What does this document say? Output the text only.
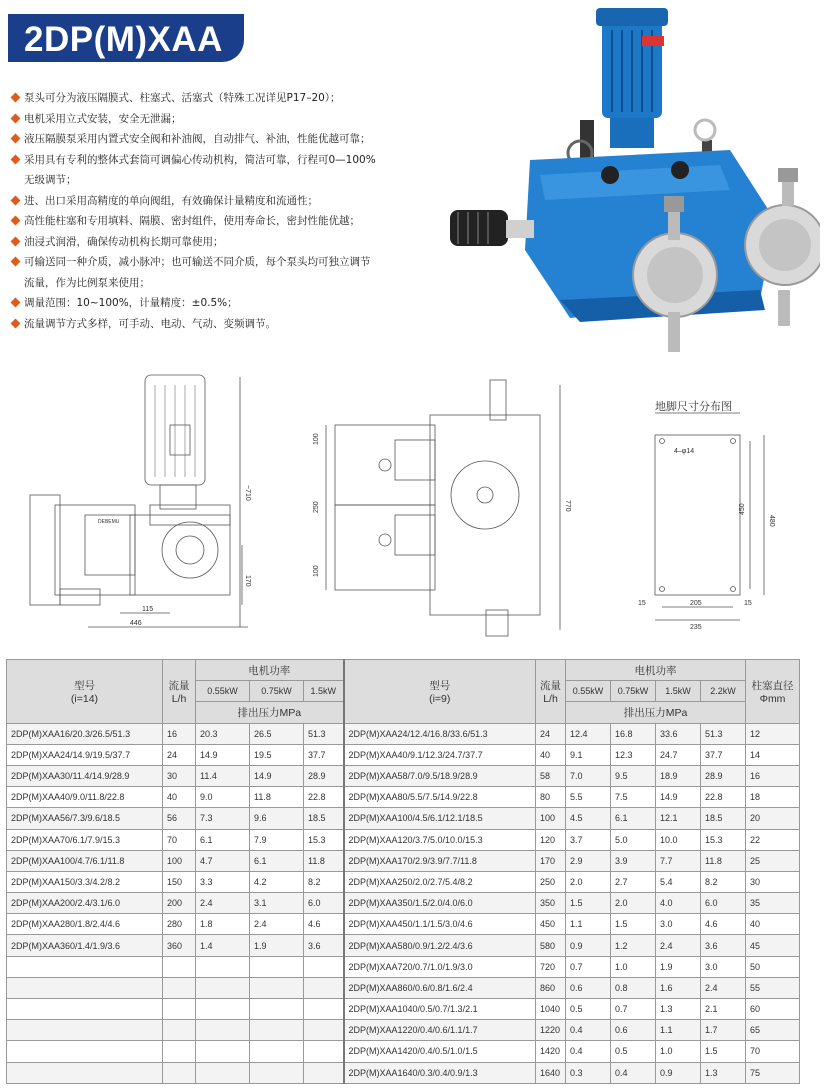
2DP(M)XAA
泵头可分为液压隔膜式、柱塞式、活塞式（特殊工况详见P17–20）；
电机采用立式安装，安全无泄漏；
液压隔膜泵采用内置式安全阀和补油阀，自动排气、补油，性能优越可靠；
采用具有专利的整体式套筒可调偏心传动机构，简洁可靠，行程可0—100%
无级调节；
进、出口采用高精度的单向阀组，有效确保计量精度和流通性；
高性能柱塞和专用填料、隔膜、密封组件，使用寿命长，密封性能优越；
油浸式润滑，确保传动机构长期可靠使用；
可输送同一种介质，减小脉冲；也可输送不同介质，每个泵头均可独立调节
流量，作为比例泵来使用；
调量范围：10~100%，计量精度：±0.5%；
流量调节方式多样，可手动、电动、气动、变频调节。
~710
170
115
446
DEBEMU
100
250
100
770
地脚尺寸分布图
4–φ14
450
480
15	205	15
235
型号
(i=14)	流量
L/h	电机功率			型号
(i=9)	流量
L/h	电机功率				柱塞直径
Φmm
		0.55kW	0.75kW	1.5kW			0.55kW	0.75kW	1.5kW	2.2kW	
		排出压力MPa					排出压力MPa				
2DP(M)XAA16/20.3/26.5/51.3	16	20.3	26.5	51.3	2DP(M)XAA24/12.4/16.8/33.6/51.3	24	12.4	16.8	33.6	51.3	12
2DP(M)XAA24/14.9/19.5/37.7	24	14.9	19.5	37.7	2DP(M)XAA40/9.1/12.3/24.7/37.7	40	9.1	12.3	24.7	37.7	14
2DP(M)XAA30/11.4/14.9/28.9	30	11.4	14.9	28.9	2DP(M)XAA58/7.0/9.5/18.9/28.9	58	7.0	9.5	18.9	28.9	16
2DP(M)XAA40/9.0/11.8/22.8	40	9.0	11.8	22.8	2DP(M)XAA80/5.5/7.5/14.9/22.8	80	5.5	7.5	14.9	22.8	18
2DP(M)XAA56/7.3/9.6/18.5	56	7.3	9.6	18.5	2DP(M)XAA100/4.5/6.1/12.1/18.5	100	4.5	6.1	12.1	18.5	20
2DP(M)XAA70/6.1/7.9/15.3	70	6.1	7.9	15.3	2DP(M)XAA120/3.7/5.0/10.0/15.3	120	3.7	5.0	10.0	15.3	22
2DP(M)XAA100/4.7/6.1/11.8	100	4.7	6.1	11.8	2DP(M)XAA170/2.9/3.9/7.7/11.8	170	2.9	3.9	7.7	11.8	25
2DP(M)XAA150/3.3/4.2/8.2	150	3.3	4.2	8.2	2DP(M)XAA250/2.0/2.7/5.4/8.2	250	2.0	2.7	5.4	8.2	30
2DP(M)XAA200/2.4/3.1/6.0	200	2.4	3.1	6.0	2DP(M)XAA350/1.5/2.0/4.0/6.0	350	1.5	2.0	4.0	6.0	35
2DP(M)XAA280/1.8/2.4/4.6	280	1.8	2.4	4.6	2DP(M)XAA450/1.1/1.5/3.0/4.6	450	1.1	1.5	3.0	4.6	40
2DP(M)XAA360/1.4/1.9/3.6	360	1.4	1.9	3.6	2DP(M)XAA580/0.9/1.2/2.4/3.6	580	0.9	1.2	2.4	3.6	45
					2DP(M)XAA720/0.7/1.0/1.9/3.0	720	0.7	1.0	1.9	3.0	50
					2DP(M)XAA860/0.6/0.8/1.6/2.4	860	0.6	0.8	1.6	2.4	55
					2DP(M)XAA1040/0.5/0.7/1.3/2.1	1040	0.5	0.7	1.3	2.1	60
					2DP(M)XAA1220/0.4/0.6/1.1/1.7	1220	0.4	0.6	1.1	1.7	65
					2DP(M)XAA1420/0.4/0.5/1.0/1.5	1420	0.4	0.5	1.0	1.5	70
					2DP(M)XAA1640/0.3/0.4/0.9/1.3	1640	0.3	0.4	0.9	1.3	75
